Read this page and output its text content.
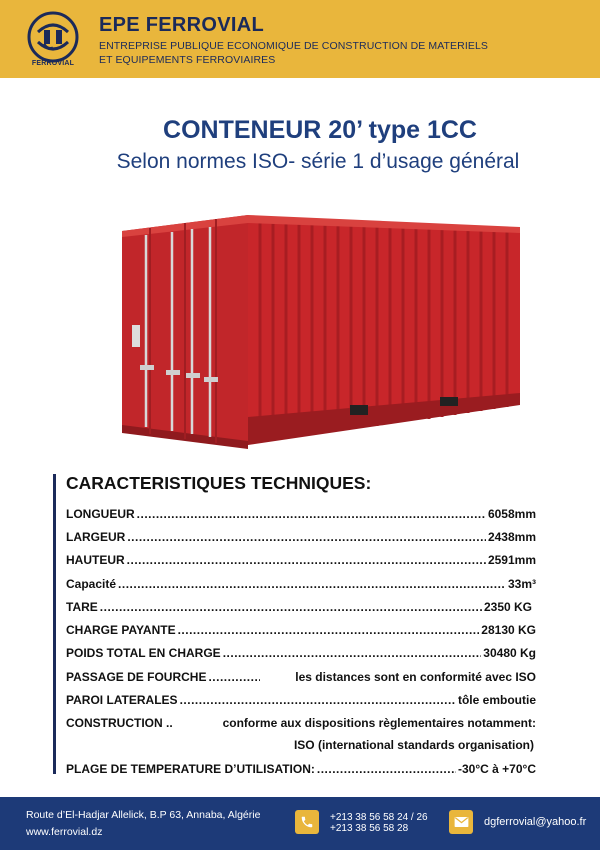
FERROVIAL
EPE FERROVIAL
ENTREPRISE PUBLIQUE ECONOMIQUE DE CONSTRUCTION DE MATERIELS
ET EQUIPEMENTS FERROVIAIRES
CONTENEUR 20’ type 1CC
Selon normes ISO- série 1 d’usage général
CARACTERISTIQUES TECHNIQUES:
LONGUEUR .....	6058mm
LARGEUR .....	2438mm
HAUTEUR .....	2591mm
Capacité .....	33m³
TARE .....	2350 KG
CHARGE PAYANTE .....	28130 KG
POIDS TOTAL EN CHARGE .....	30480 Kg
PASSAGE DE FOURCHE .....	les distances sont en conformité avec ISO
PAROI LATERALES .....	tôle emboutie
CONSTRUCTION ..	conforme aux dispositions règlementaires notamment:
ISO (international standards organisation)
PLAGE DE TEMPERATURE D’UTILISATION: .....	-30°C à +70°C
Route d’El-Hadjar Allelick, B.P 63, Annaba, Algérie
www.ferrovial.dz
+213 38 56 58 24 / 26
+213 38 56 58 28
dgferrovial@yahoo.fr
